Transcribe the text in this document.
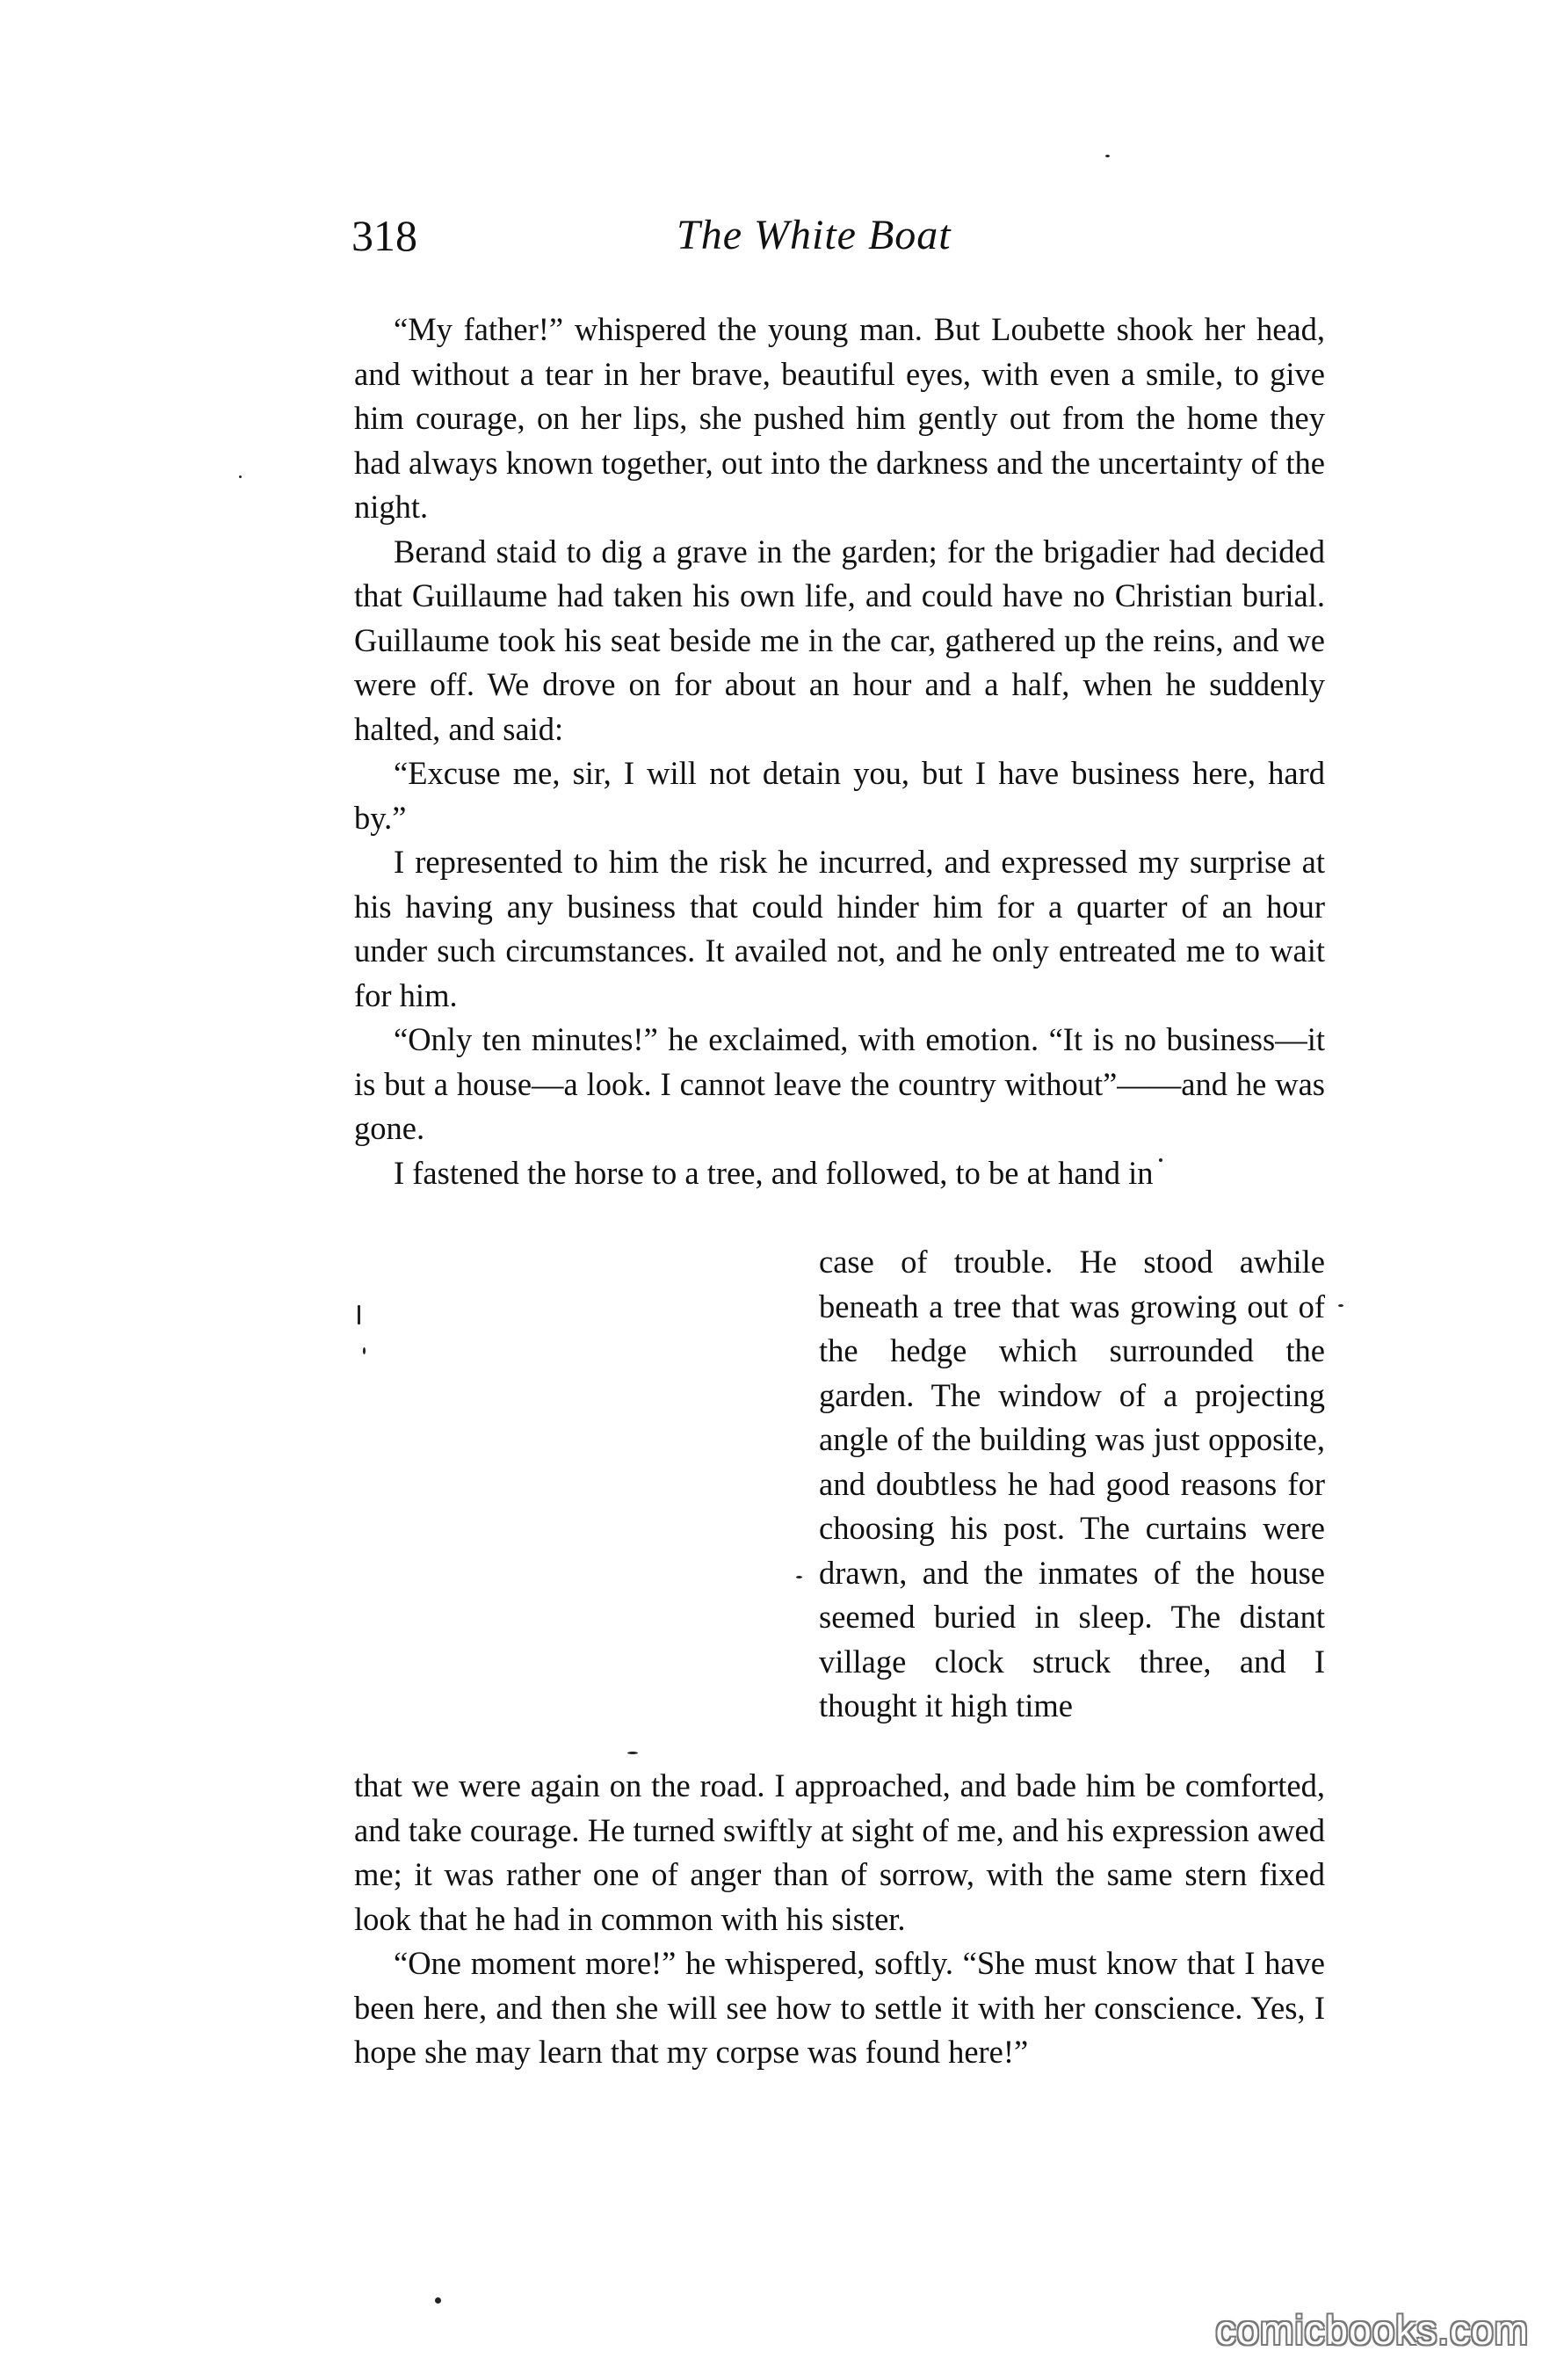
318	The White Boat

“My father!” whispered the young man. But Loubette shook her head, and without a tear in her brave, beautiful eyes, with even a smile, to give him courage, on her lips, she pushed him gently out from the home they had always known together, out into the darkness and the uncertainty of the night.

Berand staid to dig a grave in the garden; for the brigadier had decided that Guillaume had taken his own life, and could have no Christian burial. Guillaume took his seat beside me in the car, gathered up the reins, and we were off. We drove on for about an hour and a half, when he suddenly halted, and said:

“Excuse me, sir, I will not detain you, but I have business here, hard by.”

I represented to him the risk he incurred, and expressed my surprise at his having any business that could hinder him for a quarter of an hour under such circumstances. It availed not, and he only entreated me to wait for him.

“Only ten minutes!” he exclaimed, with emotion. “It is no business—it is but a house—a look. I cannot leave the country without”——and he was gone.

I fastened the horse to a tree, and followed, to be at hand in

case of trouble. He stood awhile beneath a tree that was growing out of the hedge which surrounded the garden. The window of a projecting angle of the building was just opposite, and doubtless he had good reasons for choosing his post. The curtains were drawn, and the inmates of the house seemed buried in sleep. The distant village clock struck three, and I thought it high time

that we were again on the road. I approached, and bade him be comforted, and take courage. He turned swiftly at sight of me, and his expression awed me; it was rather one of anger than of sorrow, with the same stern fixed look that he had in common with his sister.

“One moment more!” he whispered, softly. “She must know that I have been here, and then she will see how to settle it with her conscience. Yes, I hope she may learn that my corpse was found here!”

comicbooks.com
